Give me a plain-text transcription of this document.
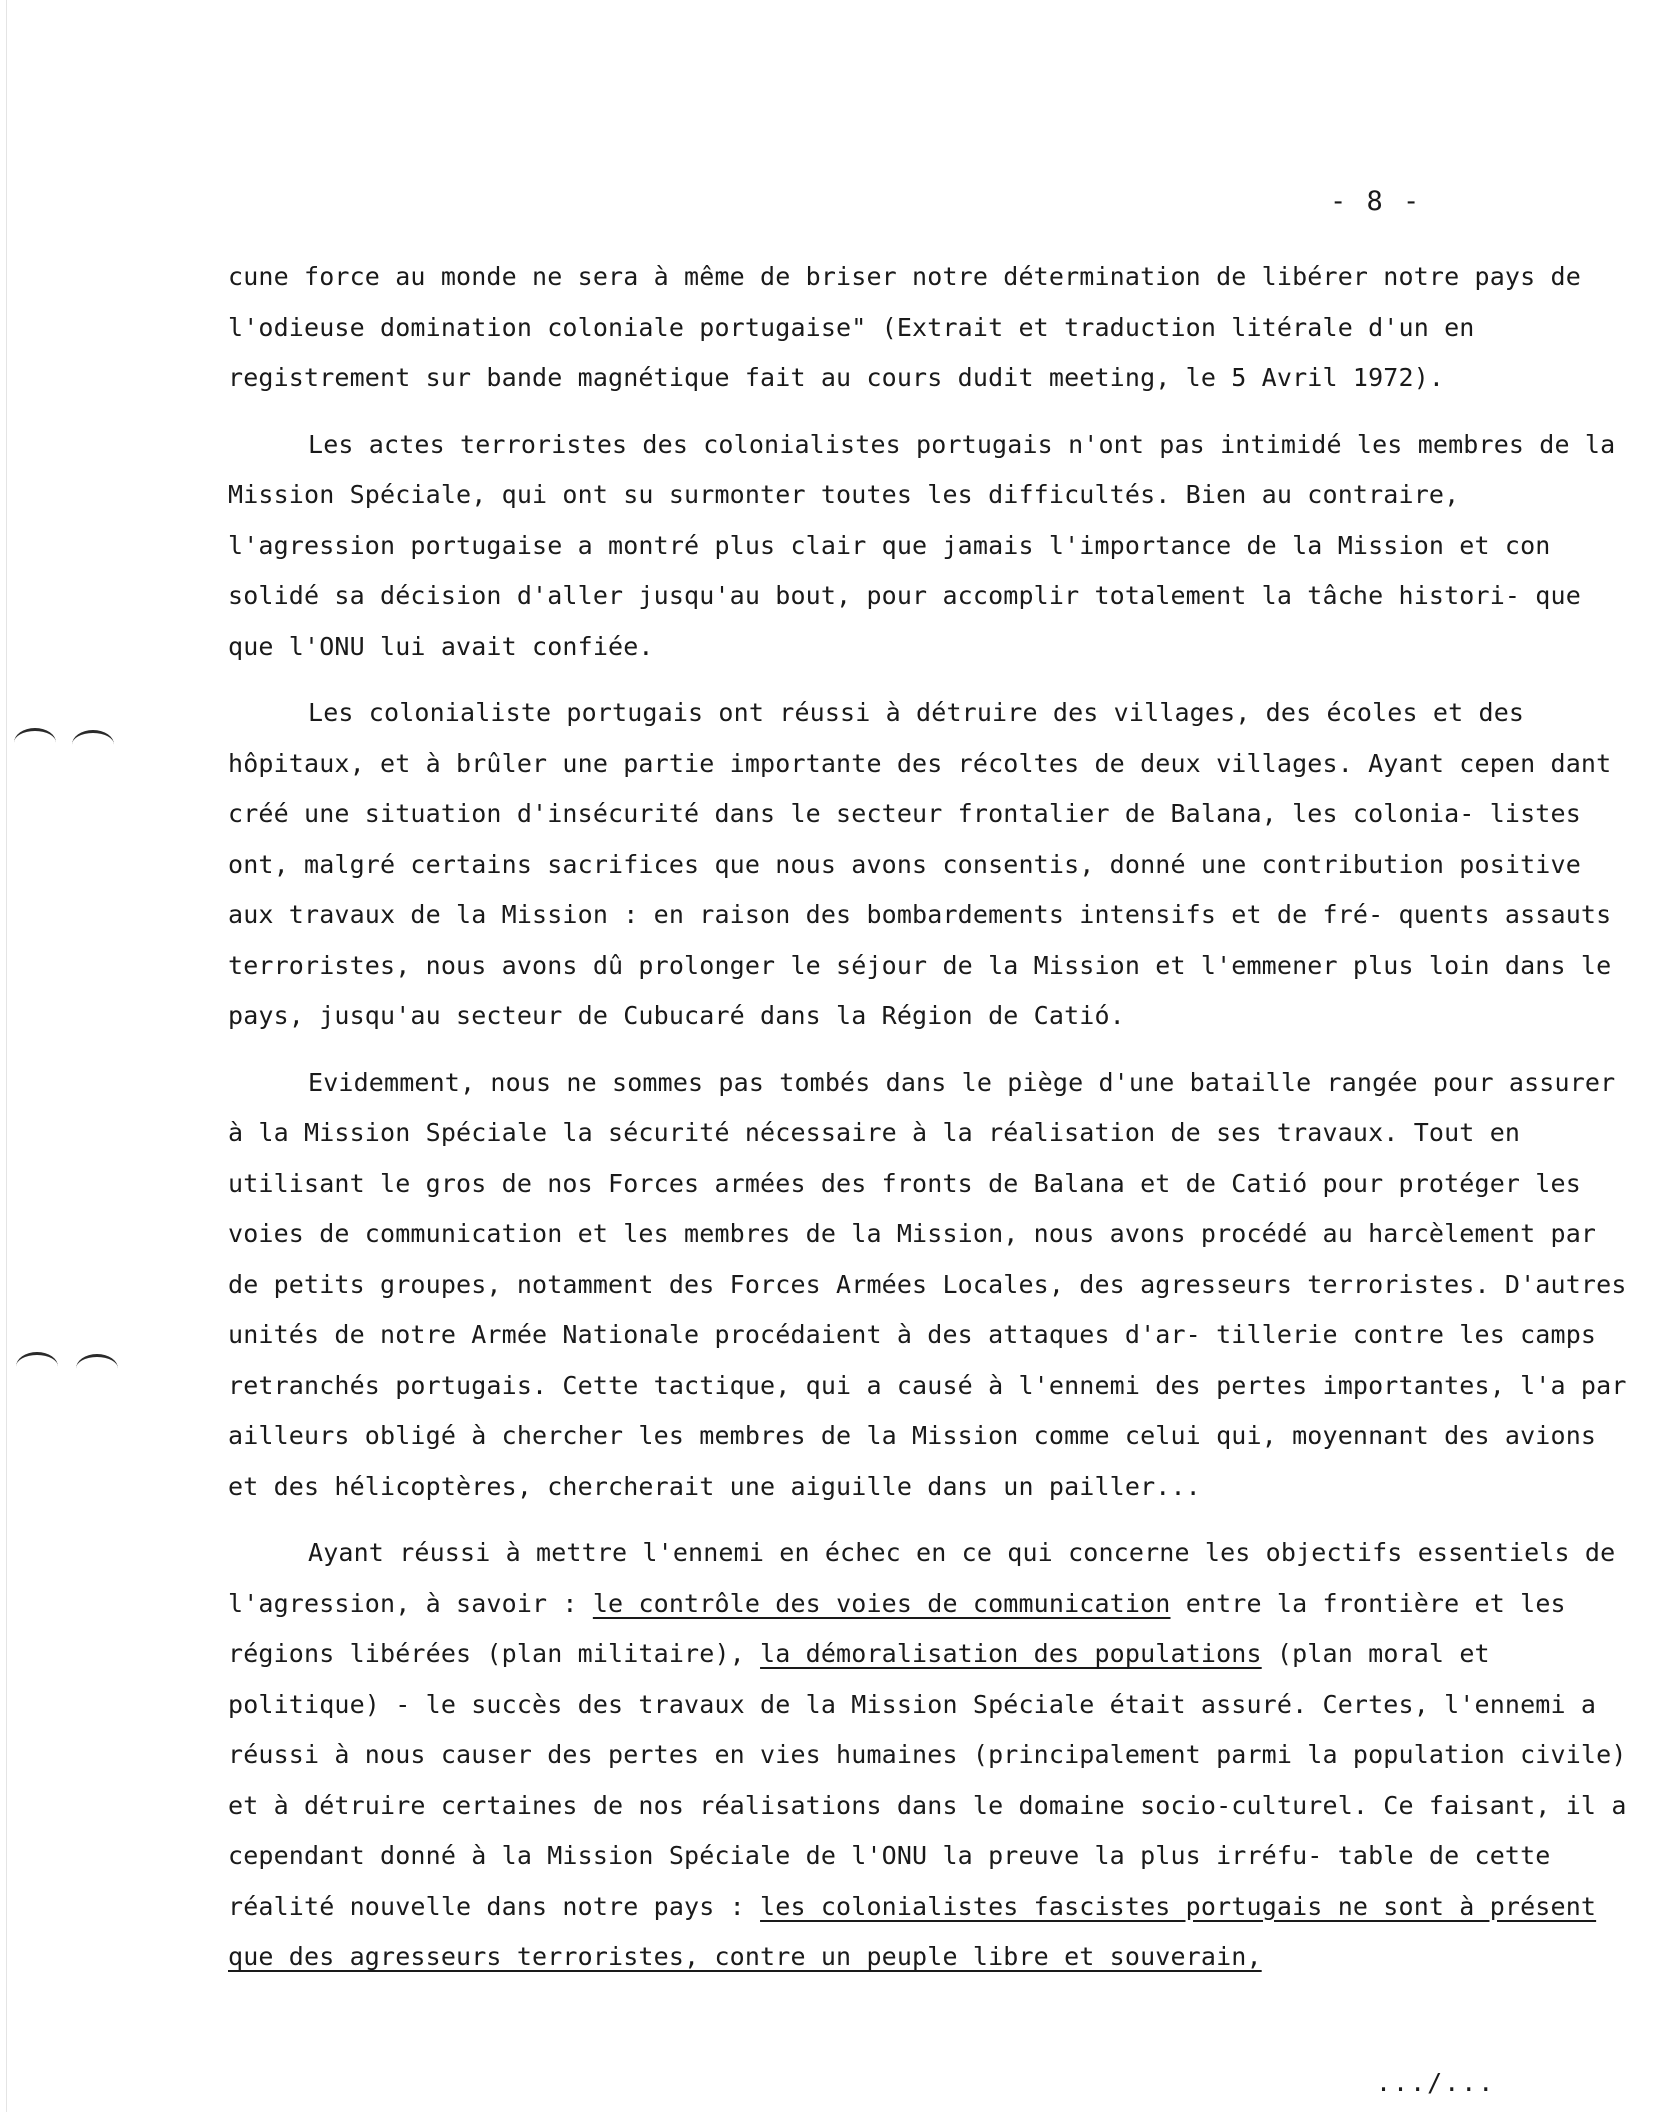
- 8 -

cune force au monde ne sera à même de briser notre détermination de libérer notre pays de l'odieuse domination coloniale portugaise" (Extrait et traduction litérale d'un en registrement sur bande magnétique fait au cours dudit meeting, le 5 Avril 1972).

Les actes terroristes des colonialistes portugais n'ont pas intimidé les membres de la Mission Spéciale, qui ont su surmonter toutes les difficultés. Bien au contraire, l'agression portugaise a montré plus clair que jamais l'importance de la Mission et con solidé sa décision d'aller jusqu'au bout, pour accomplir totalement la tâche histori- que que l'ONU lui avait confiée.

Les colonialiste portugais ont réussi à détruire des villages, des écoles et des hôpitaux, et à brûler une partie importante des récoltes de deux villages. Ayant cepen dant créé une situation d'insécurité dans le secteur frontalier de Balana, les colonia- listes ont, malgré certains sacrifices que nous avons consentis, donné une contribution positive aux travaux de la Mission : en raison des bombardements intensifs et de fré- quents assauts terroristes, nous avons dû prolonger le séjour de la Mission et l'emmener plus loin dans le pays, jusqu'au secteur de Cubucaré dans la Région de Catió.

Evidemment, nous ne sommes pas tombés dans le piège d'une bataille rangée pour assurer à la Mission Spéciale la sécurité nécessaire à la réalisation de ses travaux. Tout en utilisant le gros de nos Forces armées des fronts de Balana et de Catió pour protéger les voies de communication et les membres de la Mission, nous avons procédé au harcèlement par de petits groupes, notamment des Forces Armées Locales, des agresseurs terroristes. D'autres unités de notre Armée Nationale procédaient à des attaques d'ar- tillerie contre les camps retranchés portugais. Cette tactique, qui a causé à l'ennemi des pertes importantes, l'a par ailleurs obligé à chercher les membres de la Mission comme celui qui, moyennant des avions et des hélicoptères, chercherait une aiguille dans un pailler...

Ayant réussi à mettre l'ennemi en échec en ce qui concerne les objectifs essentiels de l'agression, à savoir : le contrôle des voies de communication entre la frontière et les régions libérées (plan militaire), la démoralisation des populations (plan moral et politique) - le succès des travaux de la Mission Spéciale était assuré. Certes, l'ennemi a réussi à nous causer des pertes en vies humaines (principalement parmi la population civile) et à détruire certaines de nos réalisations dans le domaine socio-culturel. Ce faisant, il a cependant donné à la Mission Spéciale de l'ONU la preuve la plus irréfu- table de cette réalité nouvelle dans notre pays : les colonialistes fascistes portugais ne sont à présent que des agresseurs terroristes, contre un peuple libre et souverain,

.../...
